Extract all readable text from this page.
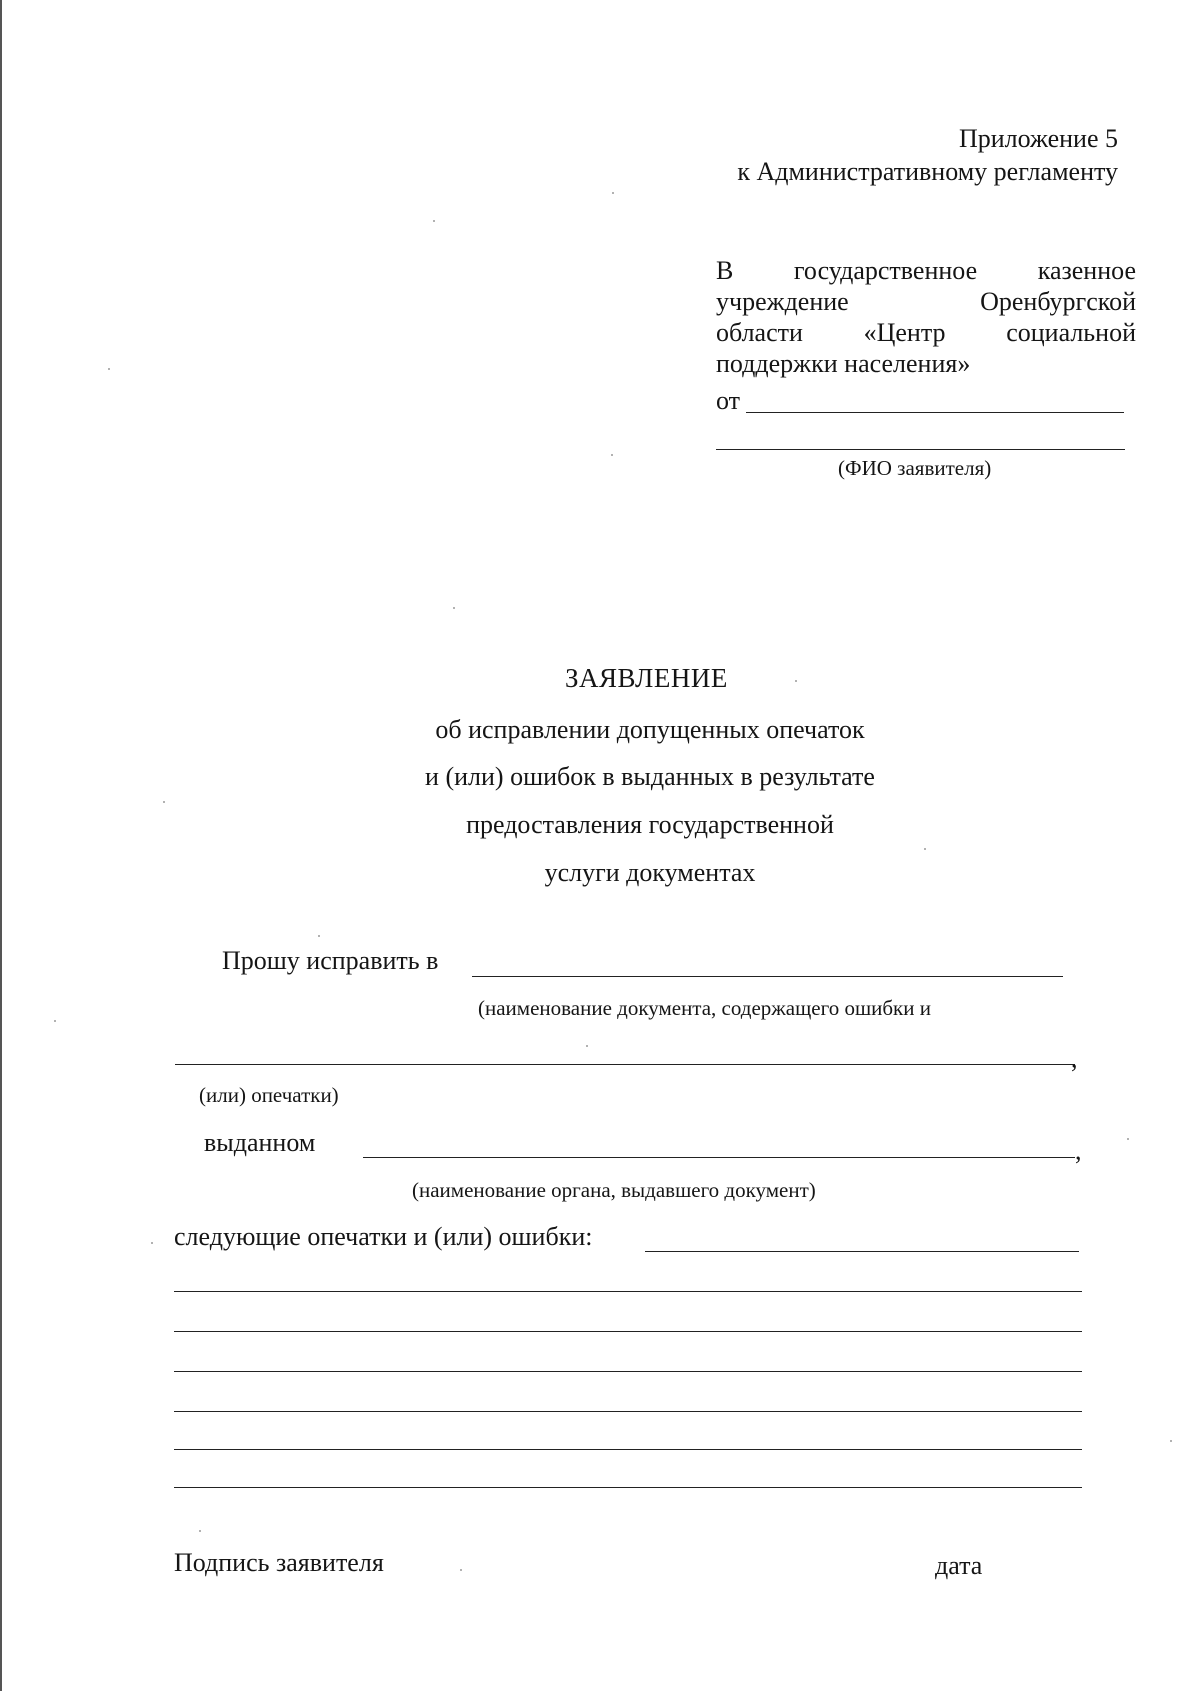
Приложение 5
к Административному регламенту
В государственное казенное
учреждение Оренбургской
области «Центр социальной
поддержки населения»
от
(ФИО заявителя)
ЗАЯВЛЕНИЕ
об исправлении допущенных опечаток
и (или) ошибок в выданных в результате
предоставления государственной
услуги документах
Прошу исправить в
(наименование документа, содержащего ошибки и
,
(или) опечатки)
выданном	,
(наименование органа, выдавшего документ)
следующие опечатки и (или) ошибки:
Подпись заявителя	дата
